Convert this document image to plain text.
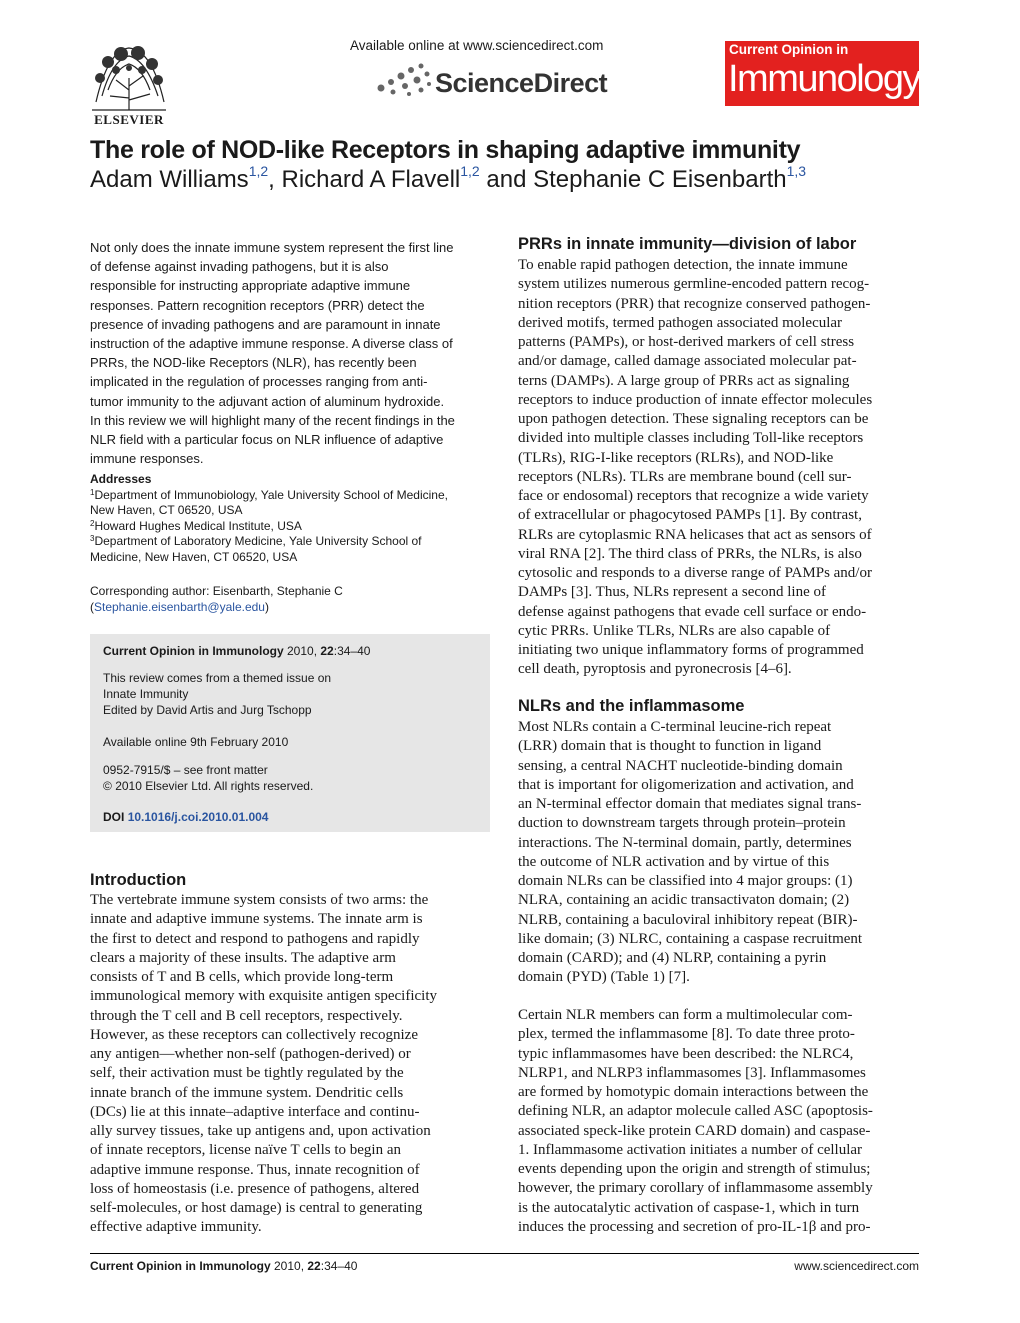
ELSEVIER
Available online at www.sciencedirect.com
ScienceDirect
Current Opinion in
Immunology
The role of NOD-like Receptors in shaping adaptive immunity
Adam Williams$^{1,2}$, Richard A Flavell$^{1,2}$ and Stephanie C Eisenbarth$^{1,3}$

Not only does the innate immune system represent the first line

of defense against invading pathogens, but it is also

responsible for instructing appropriate adaptive immune

responses. Pattern recognition receptors (PRR) detect the

presence of invading pathogens and are paramount in innate

instruction of the adaptive immune response. A diverse class of

PRRs, the NOD-like Receptors (NLR), has recently been

implicated in the regulation of processes ranging from anti-

tumor immunity to the adjuvant action of aluminum hydroxide.

In this review we will highlight many of the recent findings in the

NLR field with a particular focus on NLR influence of adaptive

immune responses.

Addresses
$^1$Department of Immunobiology, Yale University School of Medicine,
New Haven, CT 06520, USA
$^2$Howard Hughes Medical Institute, USA
$^3$Department of Laboratory Medicine, Yale University School of
Medicine, New Haven, CT 06520, USA
Corresponding author: Eisenbarth, Stephanie C
(Stephanie.eisenbarth@yale.edu)
Current Opinion in Immunology 2010, 22:34–40
This review comes from a themed issue on
Innate Immunity
Edited by David Artis and Jurg Tschopp
Available online 9th February 2010
0952-7915/$ – see front matter
© 2010 Elsevier Ltd. All rights reserved.
DOI 10.1016/j.coi.2010.01.004
Introduction

The vertebrate immune system consists of two arms: the

innate and adaptive immune systems. The innate arm is

the first to detect and respond to pathogens and rapidly

clears a majority of these insults. The adaptive arm

consists of T and B cells, which provide long-term

immunological memory with exquisite antigen specificity

through the T cell and B cell receptors, respectively.

However, as these receptors can collectively recognize

any antigen—whether non-self (pathogen-derived) or

self, their activation must be tightly regulated by the

innate branch of the immune system. Dendritic cells

(DCs) lie at this innate–adaptive interface and continu-

ally survey tissues, take up antigens and, upon activation

of innate receptors, license naïve T cells to begin an

adaptive immune response. Thus, innate recognition of

loss of homeostasis (i.e. presence of pathogens, altered

self-molecules, or host damage) is central to generating

effective adaptive immunity.

PRRs in innate immunity—division of labor

To enable rapid pathogen detection, the innate immune

system utilizes numerous germline-encoded pattern recog-

nition receptors (PRR) that recognize conserved pathogen-

derived motifs, termed pathogen associated molecular

patterns (PAMPs), or host-derived markers of cell stress

and/or damage, called damage associated molecular pat-

terns (DAMPs). A large group of PRRs act as signaling

receptors to induce production of innate effector molecules

upon pathogen detection. These signaling receptors can be

divided into multiple classes including Toll-like receptors

(TLRs), RIG-I-like receptors (RLRs), and NOD-like

receptors (NLRs). TLRs are membrane bound (cell sur-

face or endosomal) receptors that recognize a wide variety

of extracellular or phagocytosed PAMPs [1]. By contrast,

RLRs are cytoplasmic RNA helicases that act as sensors of

viral RNA [2]. The third class of PRRs, the NLRs, is also

cytosolic and responds to a diverse range of PAMPs and/or

DAMPs [3]. Thus, NLRs represent a second line of

defense against pathogens that evade cell surface or endo-

cytic PRRs. Unlike TLRs, NLRs are also capable of

initiating two unique inflammatory forms of programmed

cell death, pyroptosis and pyronecrosis [4–6].

NLRs and the inflammasome

Most NLRs contain a C-terminal leucine-rich repeat

(LRR) domain that is thought to function in ligand

sensing, a central NACHT nucleotide-binding domain

that is important for oligomerization and activation, and

an N-terminal effector domain that mediates signal trans-

duction to downstream targets through protein–protein

interactions. The N-terminal domain, partly, determines

the outcome of NLR activation and by virtue of this

domain NLRs can be classified into 4 major groups: (1)

NLRA, containing an acidic transactivaton domain; (2)

NLRB, containing a baculoviral inhibitory repeat (BIR)-

like domain; (3) NLRC, containing a caspase recruitment

domain (CARD); and (4) NLRP, containing a pyrin

domain (PYD) (Table 1) [7].

Certain NLR members can form a multimolecular com-

plex, termed the inflammasome [8]. To date three proto-

typic inflammasomes have been described: the NLRC4,

NLRP1, and NLRP3 inflammasomes [3]. Inflammasomes

are formed by homotypic domain interactions between the

defining NLR, an adaptor molecule called ASC (apoptosis-

associated speck-like protein CARD domain) and caspase-

1. Inflammasome activation initiates a number of cellular

events depending upon the origin and strength of stimulus;

however, the primary corollary of inflammasome assembly

is the autocatalytic activation of caspase-1, which in turn

induces the processing and secretion of pro-IL-1β and pro-

Current Opinion in Immunology 2010, 22:34–40	www.sciencedirect.com
